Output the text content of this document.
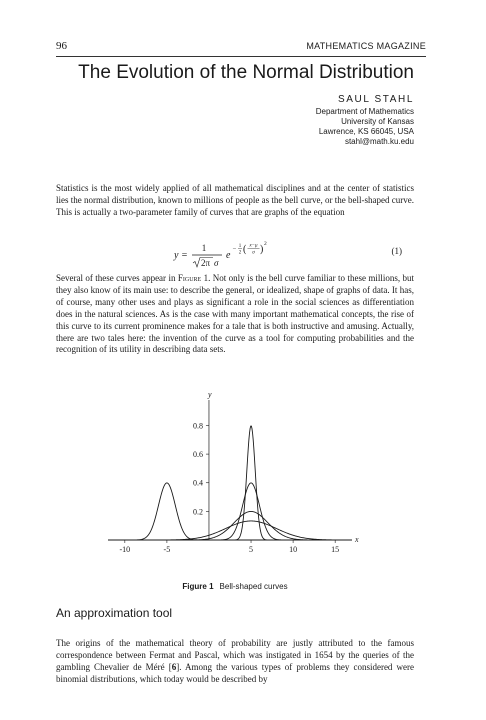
96	MATHEMATICS MAGAZINE
The Evolution of the Normal Distribution
SAUL STAHL
Department of Mathematics
University of Kansas
Lawrence, KS 66045, USA
stahl@math.ku.edu

Statistics is the most widely applied of all mathematical disciplines and at the center of statistics lies the normal distribution, known to millions of people as the bell curve, or the bell-shaped curve. This is actually a two-parameter family of curves that are graphs of the equation

y =
1
2π σ
e
− 1
2 ( x−μ
σ ) 2
(1)

Several of these curves appear in Figure 1. Not only is the bell curve familiar to these millions, but they also know of its main use: to describe the general, or idealized, shape of graphs of data. It has, of course, many other uses and plays as significant a role in the social sciences as differentiation does in the natural sciences. As is the case with many important mathematical concepts, the rise of this curve to its current prominence makes for a tale that is both instructive and amusing. Actually, there are two tales here: the invention of the curve as a tool for computing probabilities and the recognition of its utility in describing data sets.

x
y
-10	-5	5	10	15
0.2
0.4
0.6
0.8
Figure 1 Bell-shaped curves
An approximation tool

The origins of the mathematical theory of probability are justly attributed to the famous correspondence between Fermat and Pascal, which was instigated in 1654 by the queries of the gambling Chevalier de Méré [6]. Among the various types of problems they considered were binomial distributions, which today would be described by
